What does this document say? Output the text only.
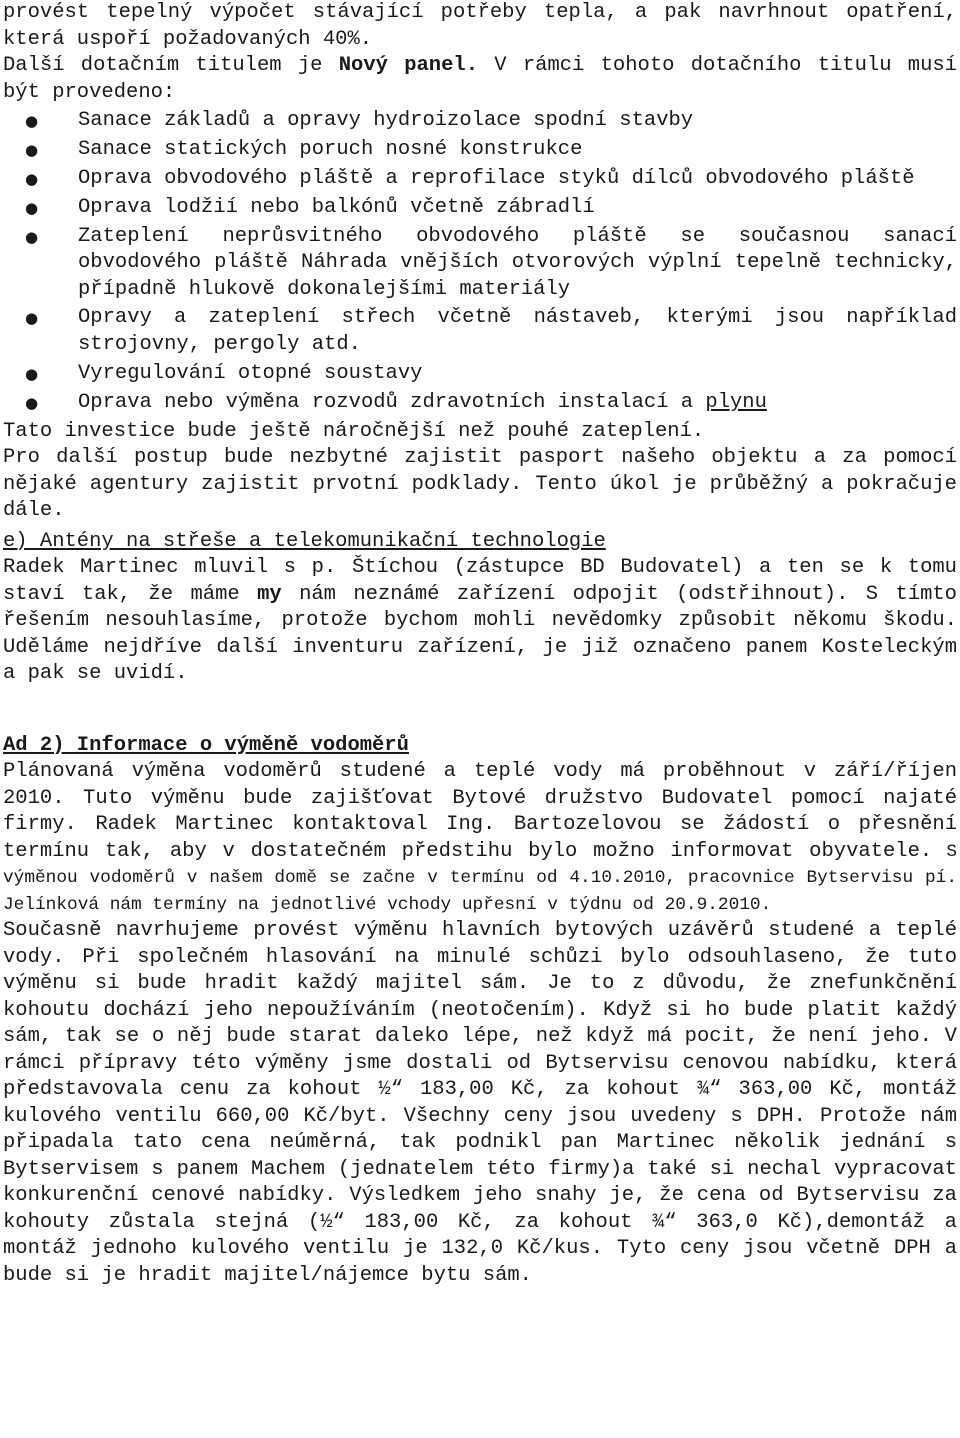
provést tepelný výpočet stávající potřeby tepla, a pak navrhnout opatření, která uspoří požadovaných 40%.

Další dotačním titulem je Nový panel. V rámci tohoto dotačního titulu musí být provedeno:

● Sanace základů a opravy hydroizolace spodní stavby
● Sanace statických poruch nosné konstrukce
● Oprava obvodového pláště a reprofilace styků dílců obvodového pláště
● Oprava lodžií nebo balkónů včetně zábradlí
● Zateplení neprůsvitného obvodového pláště se současnou sanací obvodového pláště Náhrada vnějších otvorových výplní tepelně technicky, případně hlukově dokonalejšími materiály
● Opravy a zateplení střech včetně nástaveb, kterými jsou například strojovny, pergoly atd.
● Vyregulování otopné soustavy
● Oprava nebo výměna rozvodů zdravotních instalací a plynu

Tato investice bude ještě náročnější než pouhé zateplení.

Pro další postup bude nezbytné zajistit pasport našeho objektu a za pomocí nějaké agentury zajistit prvotní podklady. Tento úkol je průběžný a pokračuje dále.

e) Antény na střeše a telekomunikační technologie

Radek Martinec mluvil s p. Štíchou (zástupce BD Budovatel) a ten se k tomu staví tak, že máme my nám neznámé zařízení odpojit (odstřihnout). S tímto řešením nesouhlasíme, protože bychom mohli nevědomky způsobit někomu škodu. Uděláme nejdříve další inventuru zařízení, je již označeno panem Kosteleckým a pak se uvidí.

Ad 2) Informace o výměně vodoměrů

Plánovaná výměna vodoměrů studené a teplé vody má proběhnout v září/říjen 2010. Tuto výměnu bude zajišťovat Bytové družstvo Budovatel pomocí najaté firmy. Radek Martinec kontaktoval Ing. Bartozelovou se žádostí o přesnění termínu tak, aby v dostatečném předstihu bylo možno informovat obyvatele. S výměnou vodoměrů v našem domě se začne v termínu od 4.10.2010, pracovnice Bytservisu pí. Jelínková nám termíny na jednotlivé vchody upřesní v týdnu od 20.9.2010.

Současně navrhujeme provést výměnu hlavních bytových uzávěrů studené a teplé vody. Při společném hlasování na minulé schůzi bylo odsouhlaseno, že tuto výměnu si bude hradit každý majitel sám. Je to z důvodu, že znefunkčnění kohoutu dochází jeho nepoužíváním (neotočením). Když si ho bude platit každý sám, tak se o něj bude starat daleko lépe, než když má pocit, že není jeho. V rámci přípravy této výměny jsme dostali od Bytservisu cenovou nabídku, která představovala cenu za kohout ½“ 183,00 Kč, za kohout ¾“ 363,00 Kč, montáž kulového ventilu 660,00 Kč/byt. Všechny ceny jsou uvedeny s DPH. Protože nám připadala tato cena neúměrná, tak podnikl pan Martinec několik jednání s Bytservisem s panem Machem (jednatelem této firmy)a také si nechal vypracovat konkurenční cenové nabídky. Výsledkem jeho snahy je, že cena od Bytservisu za kohouty zůstala stejná (½“ 183,00 Kč, za kohout ¾“ 363,0 Kč),demontáž a montáž jednoho kulového ventilu je 132,0 Kč/kus. Tyto ceny jsou včetně DPH a bude si je hradit majitel/nájemce bytu sám.
